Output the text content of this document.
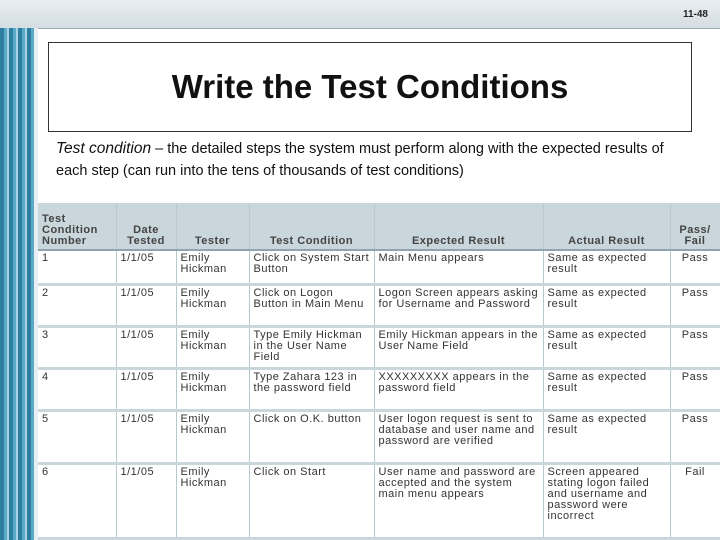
11-48
Write the Test Conditions
Test condition – the detailed steps the system must perform along with the expected results of each step (can run into the tens of thousands of test conditions)
Test Condition Number	Date Tested	Tester	Test Condition	Expected Result	Actual Result	Pass/ Fail
1	1/1/05	Emily Hickman	Click on System Start Button	Main Menu appears	Same as expected result	Pass
2	1/1/05	Emily Hickman	Click on Logon Button in Main Menu	Logon Screen appears asking for Username and Password	Same as expected result	Pass
3	1/1/05	Emily Hickman	Type Emily Hickman in the User Name Field	Emily Hickman appears in the User Name Field	Same as expected result	Pass
4	1/1/05	Emily Hickman	Type Zahara 123 in the password field	XXXXXXXXX appears in the password field	Same as expected result	Pass
5	1/1/05	Emily Hickman	Click on O.K. button	User logon request is sent to database and user name and password are verified	Same as expected result	Pass
6	1/1/05	Emily Hickman	Click on Start	User name and password are accepted and the system main menu appears	Screen appeared stating logon failed and username and password were incorrect	Fail
